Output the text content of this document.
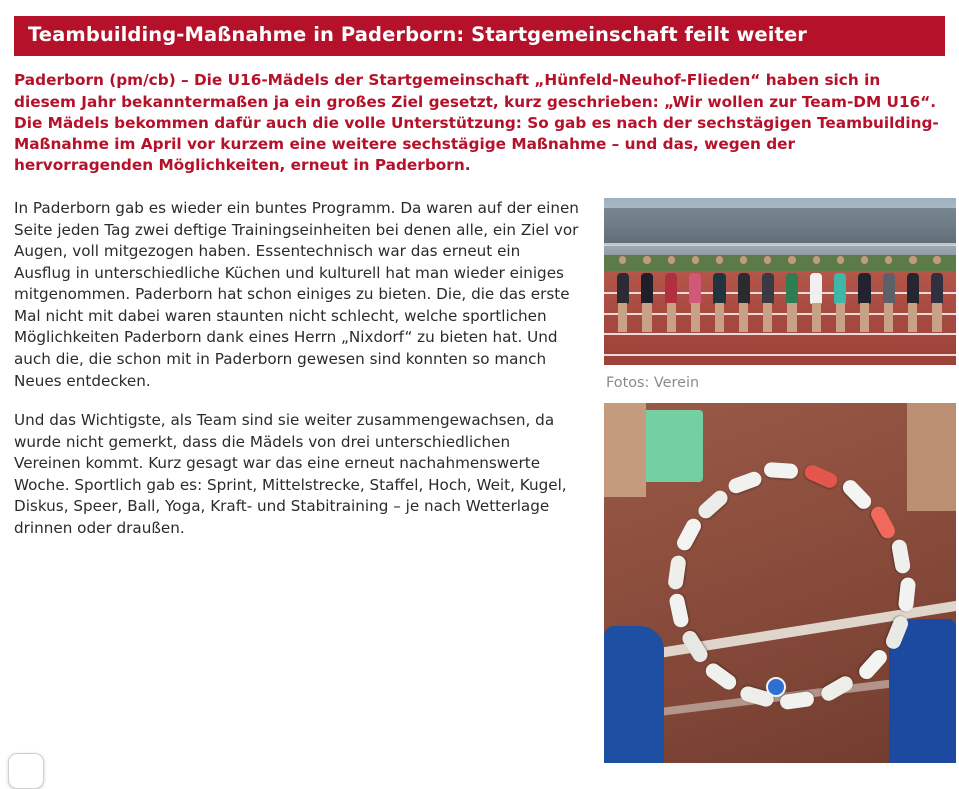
Teambuilding-Maßnahme in Paderborn: Startgemeinschaft feilt weiter
Paderborn (pm/cb) – Die U16-Mädels der Startgemeinschaft „Hünfeld-Neuhof-Flieden“ haben sich in diesem Jahr bekanntermaßen ja ein großes Ziel gesetzt, kurz geschrieben: „Wir wollen zur Team-DM U16“. Die Mädels bekommen dafür auch die volle Unterstützung: So gab es nach der sechstägigen Teambuilding-Maßnahme im April vor kurzem eine weitere sechstägige Maßnahme – und das, wegen der hervorragenden Möglichkeiten, erneut in Paderborn.

In Paderborn gab es wieder ein buntes Programm. Da waren auf der einen Seite jeden Tag zwei deftige Trainingseinheiten bei denen alle, ein Ziel vor Augen, voll mitgezogen haben. Essentechnisch war das erneut ein Ausflug in unterschiedliche Küchen und kulturell hat man wieder einiges mitgenommen. Paderborn hat schon einiges zu bieten. Die, die das erste Mal nicht mit dabei waren staunten nicht schlecht, welche sportlichen Möglichkeiten Paderborn dank eines Herrn „Nixdorf“ zu bieten hat. Und auch die, die schon mit in Paderborn gewesen sind konnten so manch Neues entdecken.

Und das Wichtigste, als Team sind sie weiter zusammengewachsen, da wurde nicht gemerkt, dass die Mädels von drei unterschiedlichen Vereinen kommt. Kurz gesagt war das eine erneut nachahmenswerte Woche. Sportlich gab es: Sprint, Mittelstrecke, Staffel, Hoch, Weit, Kugel, Diskus, Speer, Ball, Yoga, Kraft- und Stabitraining – je nach Wetterlage drinnen oder draußen.

Fotos: Verein
